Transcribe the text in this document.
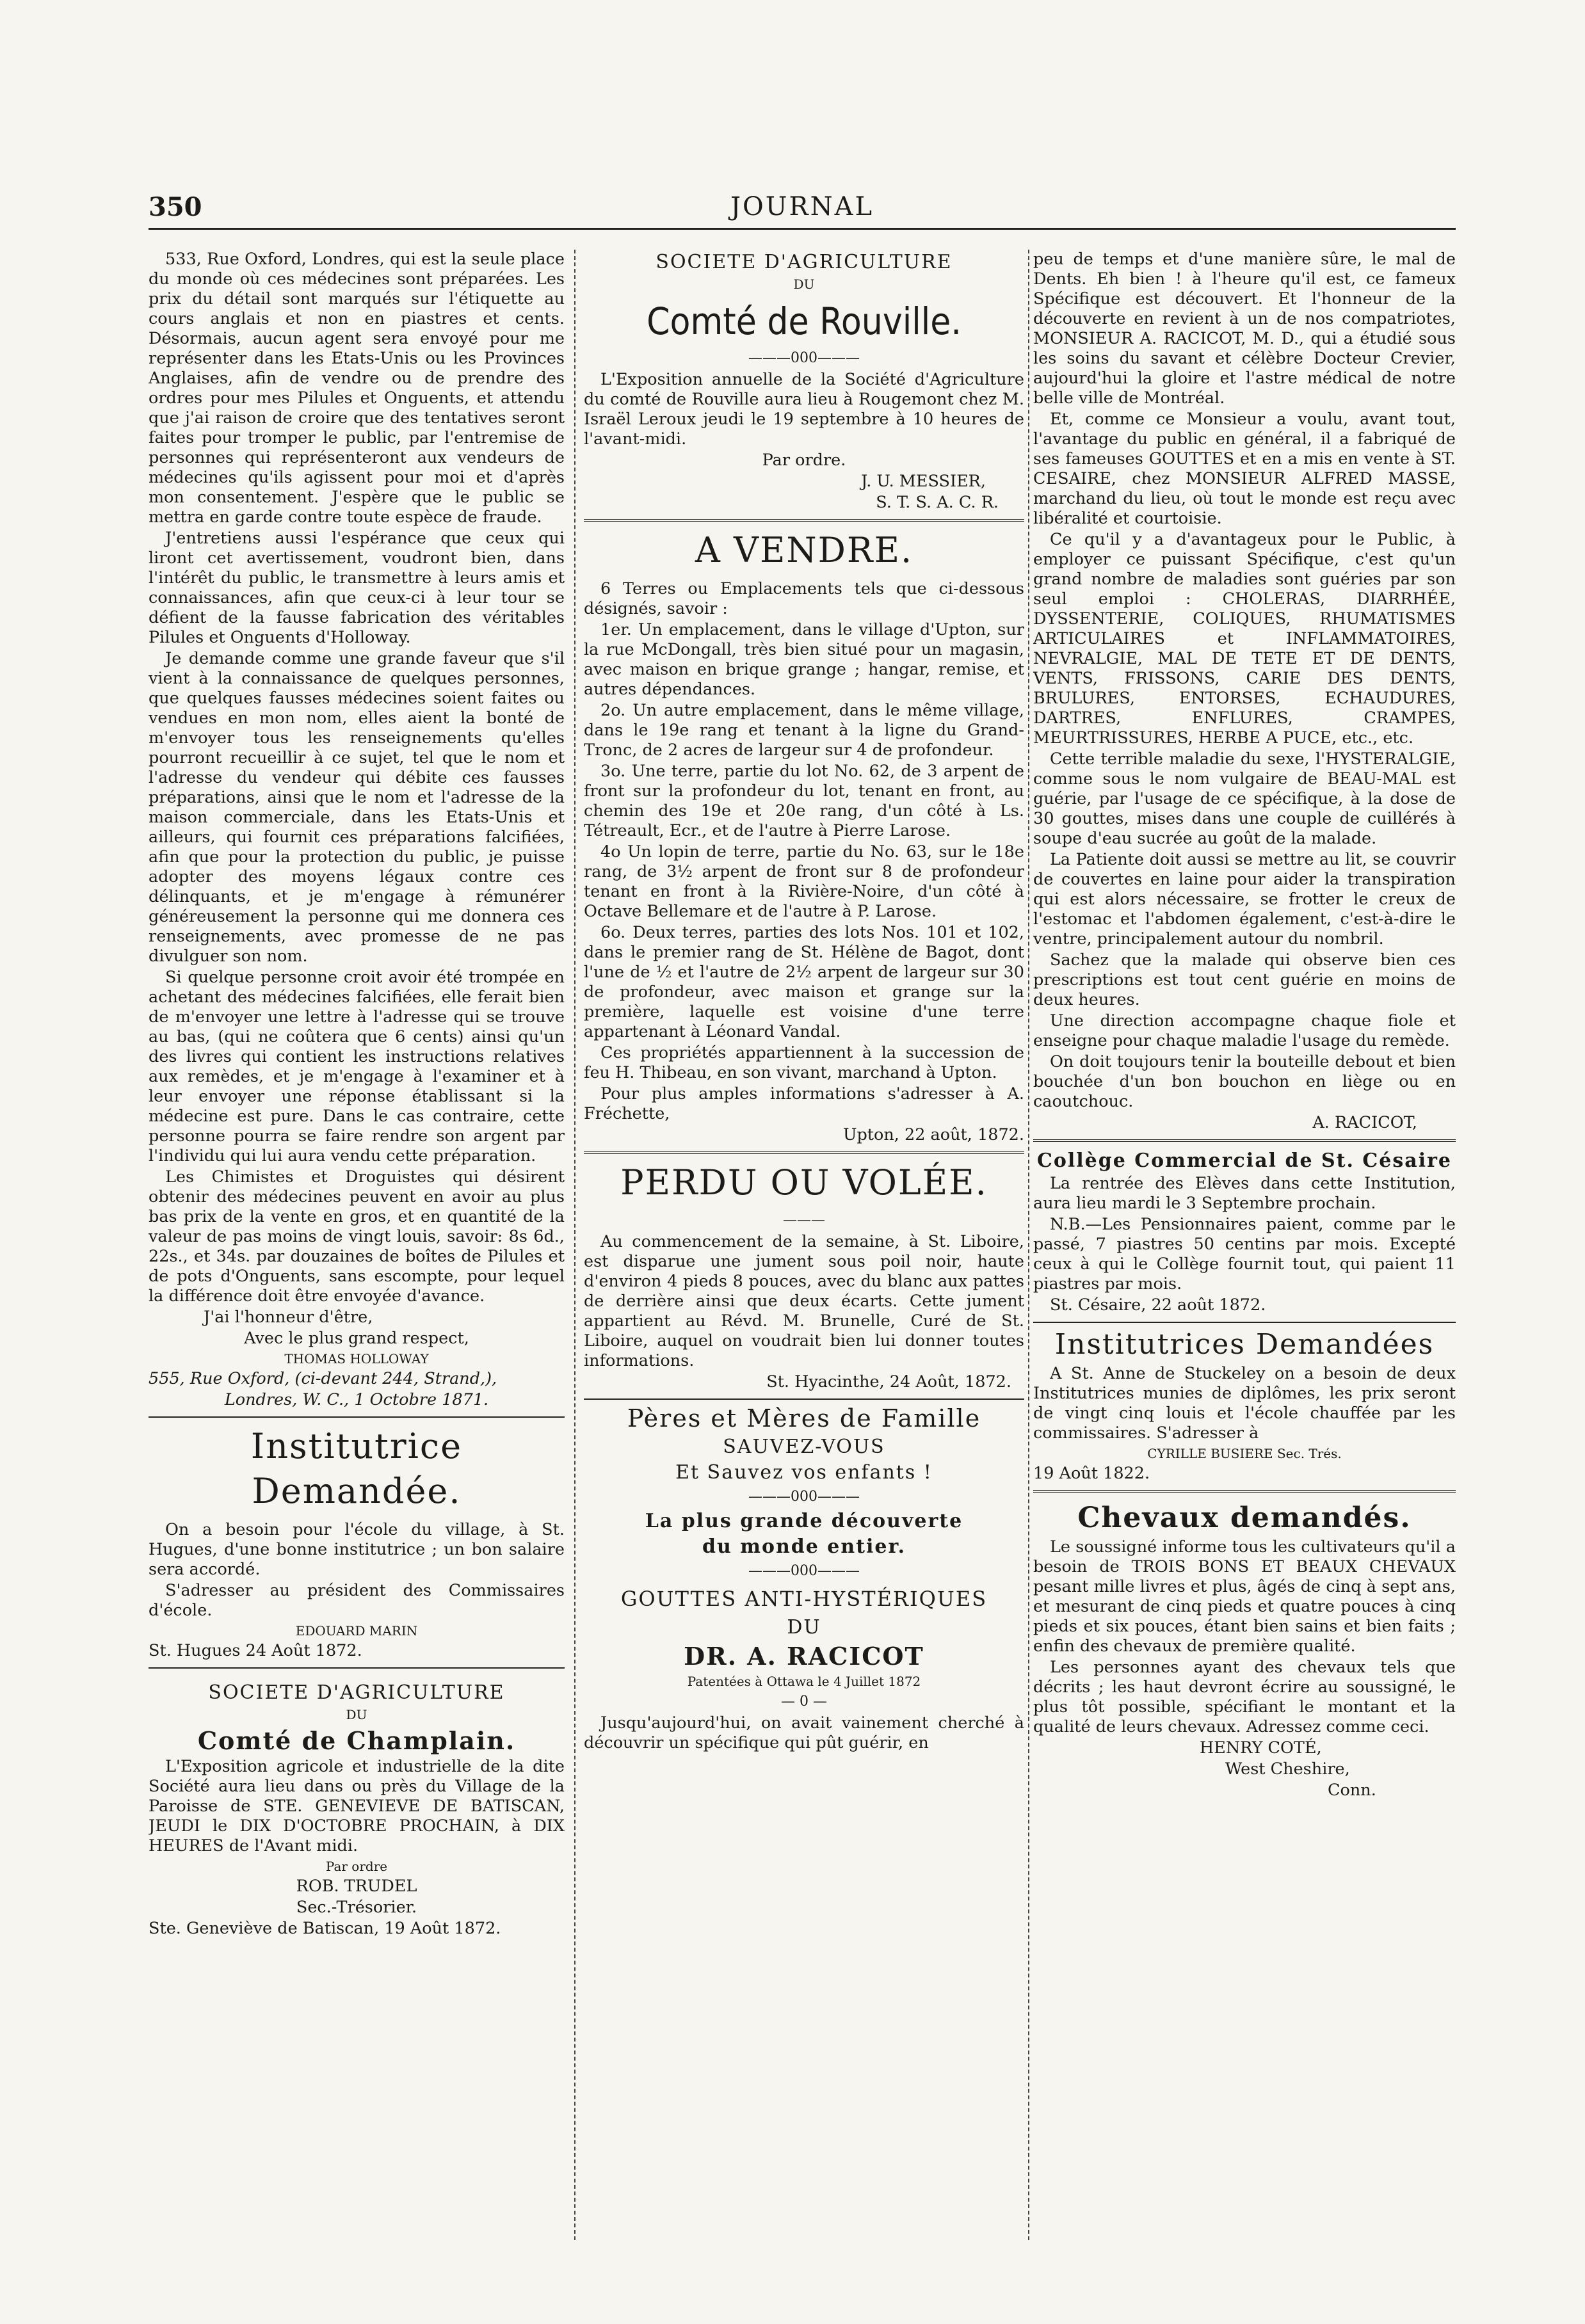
350	JOURNAL

533, Rue Oxford, Londres, qui est la seule place du monde où ces médecines sont préparées. Les prix du détail sont marqués sur l'étiquette au cours anglais et non en piastres et cents. Désormais, aucun agent sera envoyé pour me représenter dans les Etats-Unis ou les Provinces Anglaises, afin de vendre ou de prendre des ordres pour mes Pilules et Onguents, et attendu que j'ai raison de croire que des tentatives seront faites pour tromper le public, par l'entremise de personnes qui représenteront aux vendeurs de médecines qu'ils agissent pour moi et d'après mon consentement. J'espère que le public se mettra en garde contre toute espèce de fraude.

J'entretiens aussi l'espérance que ceux qui liront cet avertissement, voudront bien, dans l'intérêt du public, le transmettre à leurs amis et connaissances, afin que ceux-ci à leur tour se défient de la fausse fabrication des véritables Pilules et Onguents d'Holloway.

Je demande comme une grande faveur que s'il vient à la connaissance de quelques personnes, que quelques fausses médecines soient faites ou vendues en mon nom, elles aient la bonté de m'envoyer tous les renseignements qu'elles pourront recueillir à ce sujet, tel que le nom et l'adresse du vendeur qui débite ces fausses préparations, ainsi que le nom et l'adresse de la maison commerciale, dans les Etats-Unis et ailleurs, qui fournit ces préparations falcifiées, afin que pour la protection du public, je puisse adopter des moyens légaux contre ces délinquants, et je m'engage à rémunérer généreusement la personne qui me donnera ces renseignements, avec promesse de ne pas divulguer son nom.

Si quelque personne croit avoir été trompée en achetant des médecines falcifiées, elle ferait bien de m'envoyer une lettre à l'adresse qui se trouve au bas, (qui ne coûtera que 6 cents) ainsi qu'un des livres qui contient les instructions relatives aux remèdes, et je m'engage à l'examiner et à leur envoyer une réponse établissant si la médecine est pure. Dans le cas contraire, cette personne pourra se faire rendre son argent par l'individu qui lui aura vendu cette préparation.

Les Chimistes et Droguistes qui désirent obtenir des médecines peuvent en avoir au plus bas prix de la vente en gros, et en quantité de la valeur de pas moins de vingt louis, savoir: 8s 6d., 22s., et 34s. par douzaines de boîtes de Pilules et de pots d'Onguents, sans escompte, pour lequel la différence doit être envoyée d'avance.

J'ai l'honneur d'être,

Avec le plus grand respect,

THOMAS HOLLOWAY

555, Rue Oxford, (ci-devant 244, Strand,),

Londres, W. C., 1 Octobre 1871.

Institutrice Demandée.

On a besoin pour l'école du village, à St. Hugues, d'une bonne institutrice ; un bon salaire sera accordé.

S'adresser au président des Commissaires d'école.

EDOUARD MARIN

St. Hugues 24 Août 1872.

SOCIETE D'AGRICULTURE

DU

Comté de Champlain.

L'Exposition agricole et industrielle de la dite Société aura lieu dans ou près du Village de la Paroisse de STE. GENEVIEVE DE BATISCAN, JEUDI le DIX D'OCTOBRE PROCHAIN, à DIX HEURES de l'Avant midi.

Par ordre

ROB. TRUDEL

Sec.-Trésorier.

Ste. Geneviève de Batiscan, 19 Août 1872.

SOCIETE D'AGRICULTURE

DU

Comté de Rouville.
———000———

L'Exposition annuelle de la Société d'Agriculture du comté de Rouville aura lieu à Rougemont chez M. Israël Leroux jeudi le 19 septembre à 10 heures de l'avant-midi.

Par ordre.

J. U. MESSIER,

S. T. S. A. C. R.

A VENDRE.

6 Terres ou Emplacements tels que ci-dessous désignés, savoir :

1er. Un emplacement, dans le village d'Upton, sur la rue McDongall, très bien situé pour un magasin, avec maison en brique grange ; hangar, remise, et autres dépendances.

2o. Un autre emplacement, dans le même village, dans le 19e rang et tenant à la ligne du Grand-Tronc, de 2 acres de largeur sur 4 de profondeur.

3o. Une terre, partie du lot No. 62, de 3 arpent de front sur la profondeur du lot, tenant en front, au chemin des 19e et 20e rang, d'un côté à Ls. Tétreault, Ecr., et de l'autre à Pierre Larose.

4o Un lopin de terre, partie du No. 63, sur le 18e rang, de 3½ arpent de front sur 8 de profondeur tenant en front à la Rivière-Noire, d'un côté à Octave Bellemare et de l'autre à P. Larose.

6o. Deux terres, parties des lots Nos. 101 et 102, dans le premier rang de St. Hélène de Bagot, dont l'une de ½ et l'autre de 2½ arpent de largeur sur 30 de profondeur, avec maison et grange sur la première, laquelle est voisine d'une terre appartenant à Léonard Vandal.

Ces propriétés appartiennent à la succession de feu H. Thibeau, en son vivant, marchand à Upton.

Pour plus amples informations s'adresser à A. Fréchette,

Upton, 22 août, 1872.

PERDU OU VOLÉE.
———

Au commencement de la semaine, à St. Liboire, est disparue une jument sous poil noir, haute d'environ 4 pieds 8 pouces, avec du blanc aux pattes de derrière ainsi que deux écarts. Cette jument appartient au Révd. M. Brunelle, Curé de St. Liboire, auquel on voudrait bien lui donner toutes informations.

St. Hyacinthe, 24 Août, 1872.

Pères et Mères de Famille
SAUVEZ-VOUS
Et Sauvez vos enfants !
———000———
La plus grande découverte
du monde entier.
———000———
GOUTTES ANTI-HYSTÉRIQUES
DU
DR. A. RACICOT

Patentées à Ottawa le 4 Juillet 1872

— 0 —

Jusqu'aujourd'hui, on avait vainement cherché à découvrir un spécifique qui pût guérir, en

peu de temps et d'une manière sûre, le mal de Dents. Eh bien ! à l'heure qu'il est, ce fameux Spécifique est découvert. Et l'honneur de la découverte en revient à un de nos compatriotes, MONSIEUR A. RACICOT, M. D., qui a étudié sous les soins du savant et célèbre Docteur Crevier, aujourd'hui la gloire et l'astre médical de notre belle ville de Montréal.

Et, comme ce Monsieur a voulu, avant tout, l'avantage du public en général, il a fabriqué de ses fameuses GOUTTES et en a mis en vente à ST. CESAIRE, chez MONSIEUR ALFRED MASSE, marchand du lieu, où tout le monde est reçu avec libéralité et courtoisie.

Ce qu'il y a d'avantageux pour le Public, à employer ce puissant Spécifique, c'est qu'un grand nombre de maladies sont guéries par son seul emploi : CHOLERAS, DIARRHÉE, DYSSENTERIE, COLIQUES, RHUMATISMES ARTICULAIRES et INFLAMMATOIRES, NEVRALGIE, MAL DE TETE ET DE DENTS, VENTS, FRISSONS, CARIE DES DENTS, BRULURES, ENTORSES, ECHAUDURES, DARTRES, ENFLURES, CRAMPES, MEURTRISSURES, HERBE A PUCE, etc., etc.

Cette terrible maladie du sexe, l'HYSTERALGIE, comme sous le nom vulgaire de BEAU-MAL est guérie, par l'usage de ce spécifique, à la dose de 30 gouttes, mises dans une couple de cuillérés à soupe d'eau sucrée au goût de la malade.

La Patiente doit aussi se mettre au lit, se couvrir de couvertes en laine pour aider la transpiration qui est alors nécessaire, se frotter le creux de l'estomac et l'abdomen également, c'est-à-dire le ventre, principalement autour du nombril.

Sachez que la malade qui observe bien ces prescriptions est tout cent guérie en moins de deux heures.

Une direction accompagne chaque fiole et enseigne pour chaque maladie l'usage du remède.

On doit toujours tenir la bouteille debout et bien bouchée d'un bon bouchon en liège ou en caoutchouc.

A. RACICOT,

Collège Commercial de St. Césaire

La rentrée des Elèves dans cette Institution, aura lieu mardi le 3 Septembre prochain.

N.B.—Les Pensionnaires paient, comme par le passé, 7 piastres 50 centins par mois. Excepté ceux à qui le Collège fournit tout, qui paient 11 piastres par mois.

St. Césaire, 22 août 1872.

Institutrices Demandées

A St. Anne de Stuckeley on a besoin de deux Institutrices munies de diplômes, les prix seront de vingt cinq louis et l'école chauffée par les commissaires. S'adresser à

CYRILLE BUSIERE Sec. Trés.

19 Août 1822.

Chevaux demandés.

Le soussigné informe tous les cultivateurs qu'il a besoin de TROIS BONS ET BEAUX CHEVAUX pesant mille livres et plus, âgés de cinq à sept ans, et mesurant de cinq pieds et quatre pouces à cinq pieds et six pouces, étant bien sains et bien faits ; enfin des chevaux de première qualité.

Les personnes ayant des chevaux tels que décrits ; les haut devront écrire au soussigné, le plus tôt possible, spécifiant le montant et la qualité de leurs chevaux. Adressez comme ceci.

HENRY COTÉ,

West Cheshire,

Conn.
